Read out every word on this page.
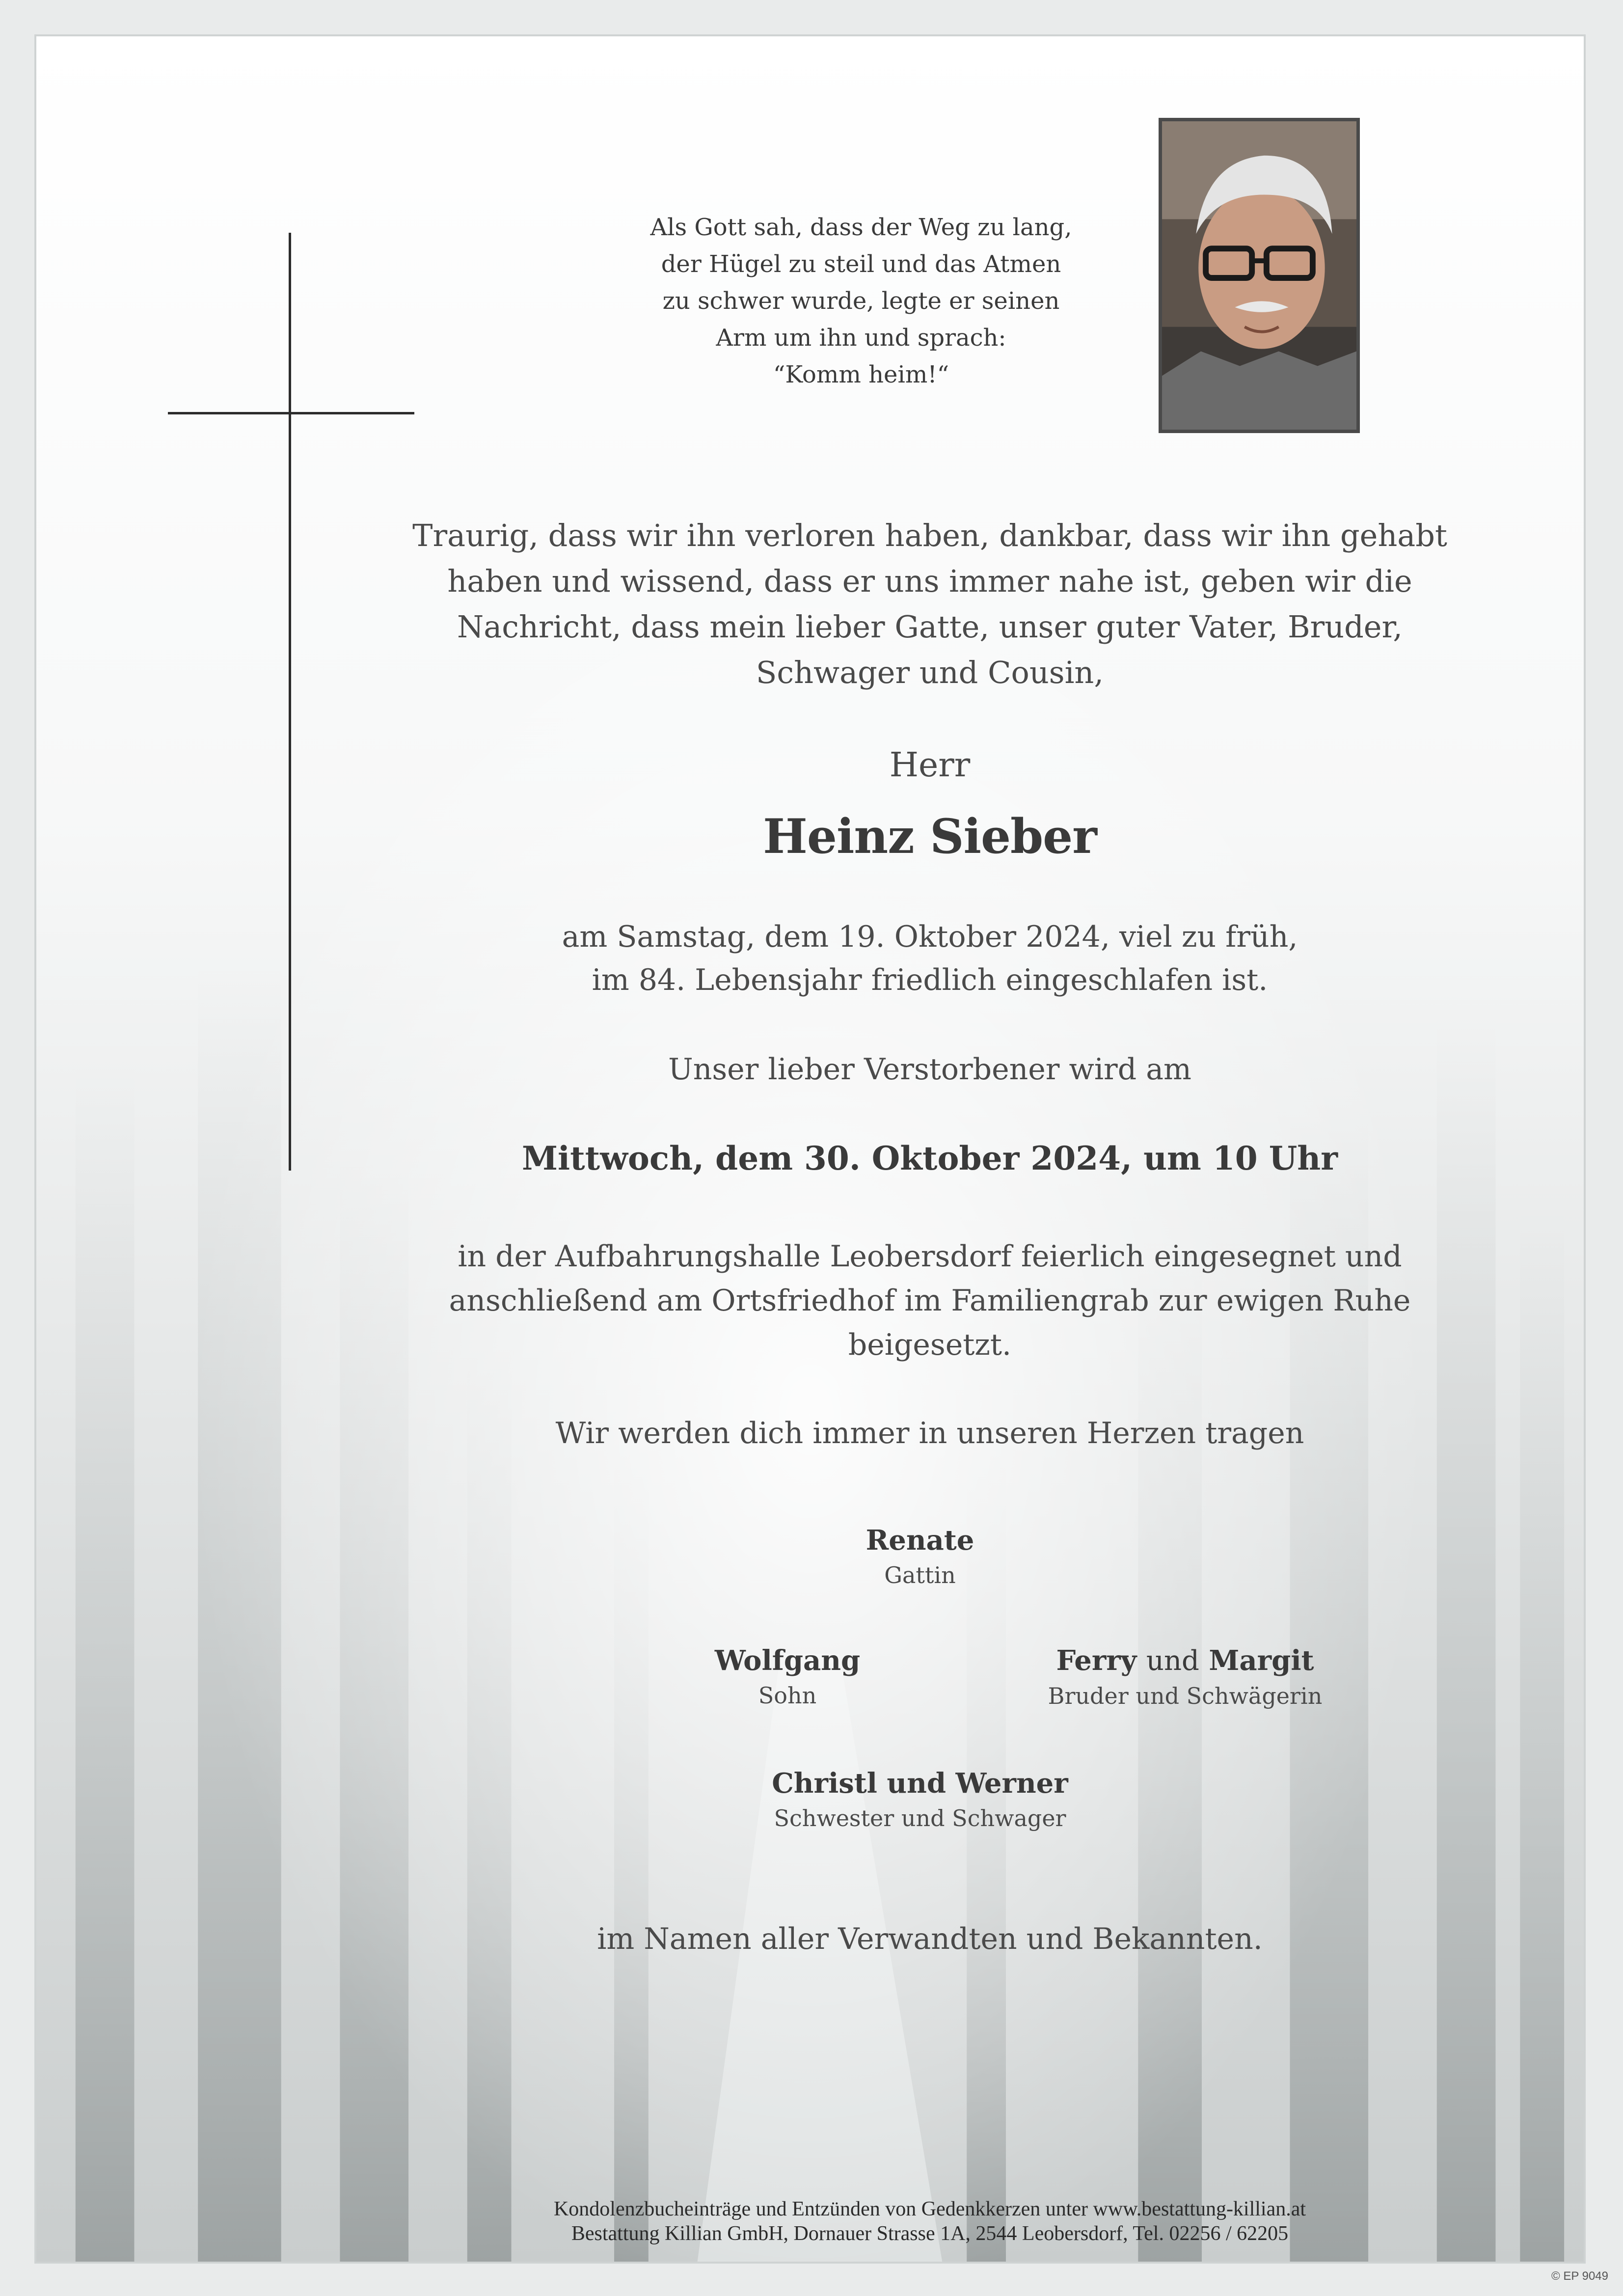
Als Gott sah, dass der Weg zu lang,
der Hügel zu steil und das Atmen
zu schwer wurde, legte er seinen
Arm um ihn und sprach:
“Komm heim!“
Traurig, dass wir ihn verloren haben, dankbar, dass wir ihn gehabt
haben und wissend, dass er uns immer nahe ist, geben wir die
Nachricht, dass mein lieber Gatte, unser guter Vater, Bruder,
Schwager und Cousin,
Herr
Heinz Sieber
am Samstag, dem 19. Oktober 2024, viel zu früh,
im 84. Lebensjahr friedlich eingeschlafen ist.
Unser lieber Verstorbener wird am
Mittwoch, dem 30. Oktober 2024, um 10 Uhr
in der Aufbahrungshalle Leobersdorf feierlich eingesegnet und
anschließend am Ortsfriedhof im Familiengrab zur ewigen Ruhe
beigesetzt.
Wir werden dich immer in unseren Herzen tragen
Renate
Gattin
Wolfgang
Sohn
Ferry und Margit
Bruder und Schwägerin
Christl und Werner
Schwester und Schwager
im Namen aller Verwandten und Bekannten.
Kondolenzbucheinträge und Entzünden von Gedenkkerzen unter www.bestattung-killian.at
Bestattung Killian GmbH, Dornauer Strasse 1A, 2544 Leobersdorf, Tel. 02256 / 62205
© EP 9049
